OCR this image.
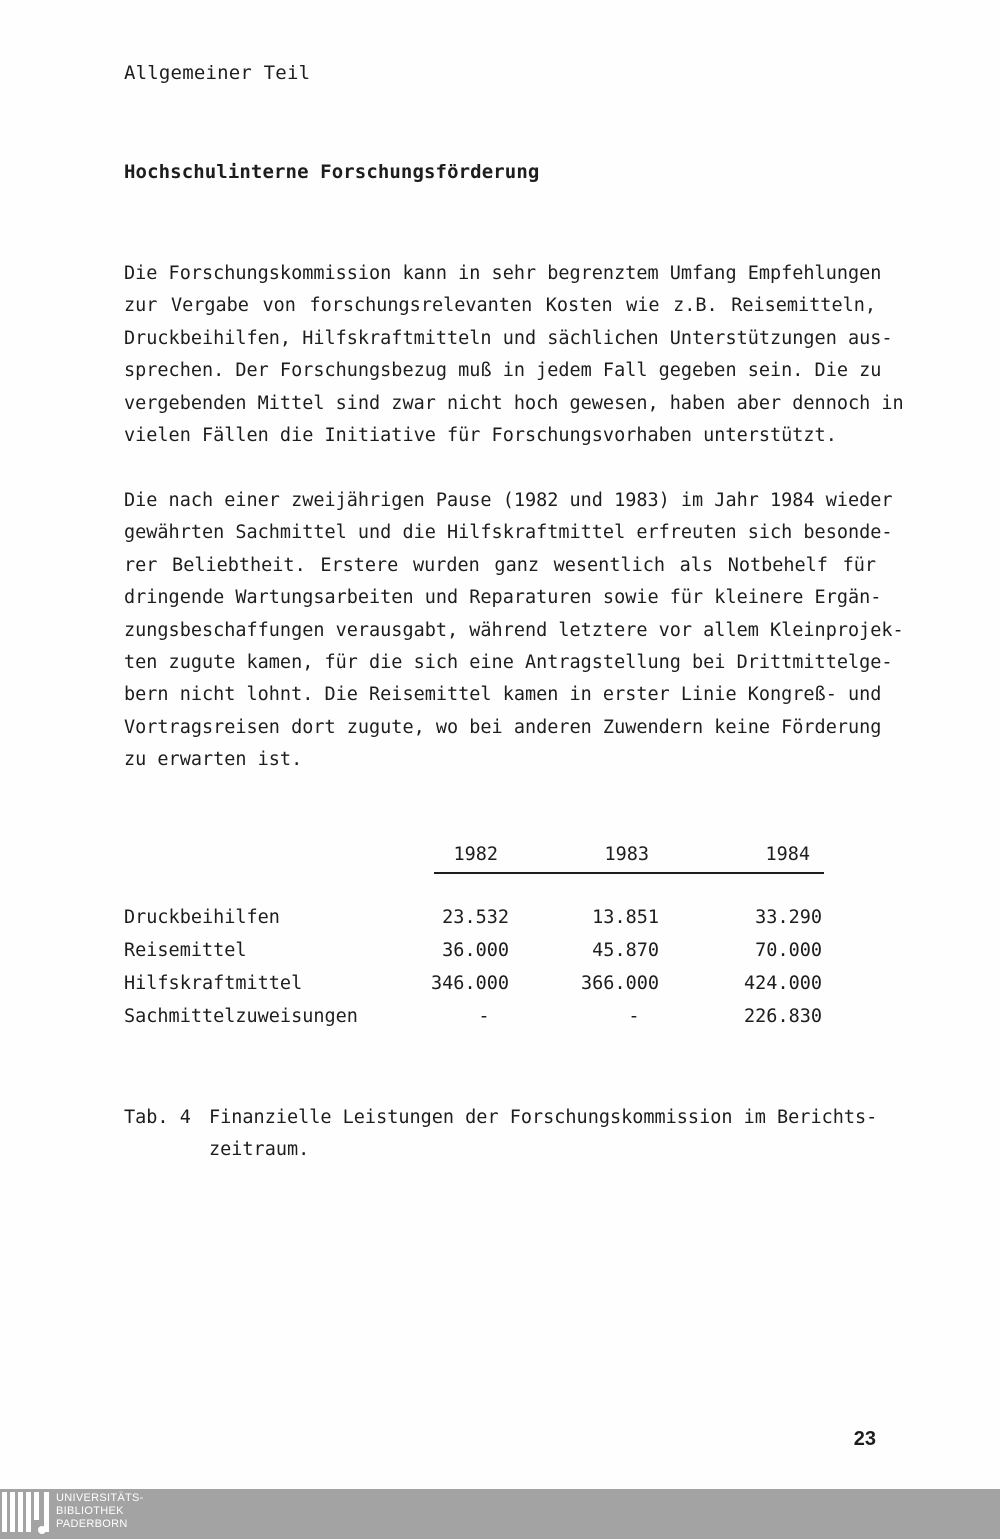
Allgemeiner Teil
Hochschulinterne Forschungsförderung
Die Forschungskommission kann in sehr begrenztem Umfang Empfehlungen
zur Vergabe von forschungsrelevanten Kosten wie z.B. Reisemitteln,
Druckbeihilfen, Hilfskraftmitteln und sächlichen Unterstützungen aus-
sprechen. Der Forschungsbezug muß in jedem Fall gegeben sein. Die zu
vergebenden Mittel sind zwar nicht hoch gewesen, haben aber dennoch in
vielen Fällen die Initiative für Forschungsvorhaben unterstützt.
Die nach einer zweijährigen Pause (1982 und 1983) im Jahr 1984 wieder
gewährten Sachmittel und die Hilfskraftmittel erfreuten sich besonde-
rer Beliebtheit. Erstere wurden ganz wesentlich als Notbehelf für
dringende Wartungsarbeiten und Reparaturen sowie für kleinere Ergän-
zungsbeschaffungen verausgabt, während letztere vor allem Kleinprojek-
ten zugute kamen, für die sich eine Antragstellung bei Drittmittelge-
bern nicht lohnt. Die Reisemittel kamen in erster Linie Kongreß- und
Vortragsreisen dort zugute, wo bei anderen Zuwendern keine Förderung
zu erwarten ist.
1982	1983	1984
Druckbeihilfen	23.532	13.851	33.290
Reisemittel	36.000	45.870	70.000
Hilfskraftmittel	346.000	366.000	424.000
Sachmittelzuweisungen	-	-	226.830
Tab. 4 Finanzielle Leistungen der Forschungskommission im Berichts-
zeitraum.
23
UNIVERSITÄTS-
BIBLIOTHEK
PADERBORN
